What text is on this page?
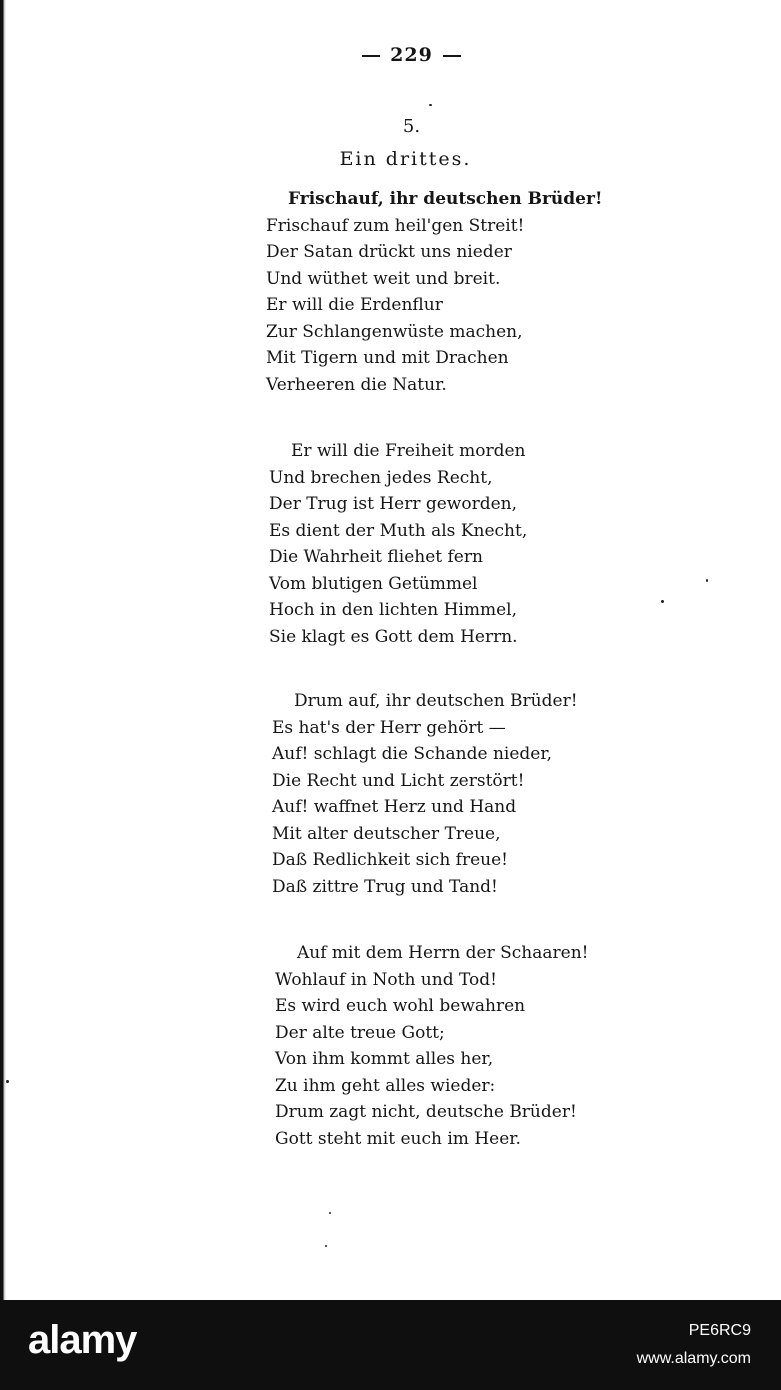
229
5.
Ein drittes.
Frischauf, ihr deutschen Brüder!
Frischauf zum heil'gen Streit!
Der Satan drückt uns nieder
Und wüthet weit und breit.
Er will die Erdenflur
Zur Schlangenwüste machen,
Mit Tigern und mit Drachen
Verheeren die Natur.
Er will die Freiheit morden
Und brechen jedes Recht,
Der Trug ist Herr geworden,
Es dient der Muth als Knecht,
Die Wahrheit fliehet fern
Vom blutigen Getümmel
Hoch in den lichten Himmel,
Sie klagt es Gott dem Herrn.
Drum auf, ihr deutschen Brüder!
Es hat's der Herr gehört —
Auf! schlagt die Schande nieder,
Die Recht und Licht zerstört!
Auf! waffnet Herz und Hand
Mit alter deutscher Treue,
Daß Redlichkeit sich freue!
Daß zittre Trug und Tand!
Auf mit dem Herrn der Schaaren!
Wohlauf in Noth und Tod!
Es wird euch wohl bewahren
Der alte treue Gott;
Von ihm kommt alles her,
Zu ihm geht alles wieder:
Drum zagt nicht, deutsche Brüder!
Gott steht mit euch im Heer.
alamy	PE6RC9
www.alamy.com
